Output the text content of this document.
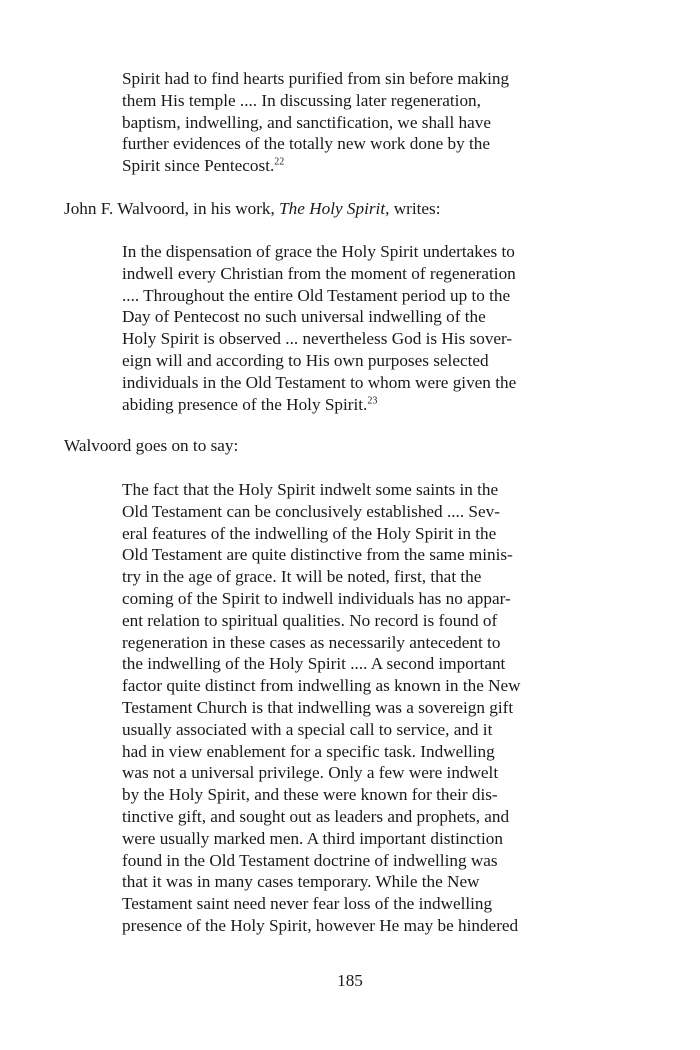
Spirit had to find hearts purified from sin before making
them His temple .... In discussing later regeneration,
baptism, indwelling, and sanctification, we shall have
further evidences of the totally new work done by the
Spirit since Pentecost.$^{22}$
John F. Walvoord, in his work, The Holy Spirit, writes:
In the dispensation of grace the Holy Spirit undertakes to
indwell every Christian from the moment of regeneration
.... Throughout the entire Old Testament period up to the
Day of Pentecost no such universal indwelling of the
Holy Spirit is observed ... nevertheless God is His sover-
eign will and according to His own purposes selected
individuals in the Old Testament to whom were given the
abiding presence of the Holy Spirit.$^{23}$
Walvoord goes on to say:
The fact that the Holy Spirit indwelt some saints in the
Old Testament can be conclusively established .... Sev-
eral features of the indwelling of the Holy Spirit in the
Old Testament are quite distinctive from the same minis-
try in the age of grace. It will be noted, first, that the
coming of the Spirit to indwell individuals has no appar-
ent relation to spiritual qualities. No record is found of
regeneration in these cases as necessarily antecedent to
the indwelling of the Holy Spirit .... A second important
factor quite distinct from indwelling as known in the New
Testament Church is that indwelling was a sovereign gift
usually associated with a special call to service, and it
had in view enablement for a specific task. Indwelling
was not a universal privilege. Only a few were indwelt
by the Holy Spirit, and these were known for their dis-
tinctive gift, and sought out as leaders and prophets, and
were usually marked men. A third important distinction
found in the Old Testament doctrine of indwelling was
that it was in many cases temporary. While the New
Testament saint need never fear loss of the indwelling
presence of the Holy Spirit, however He may be hindered
185
